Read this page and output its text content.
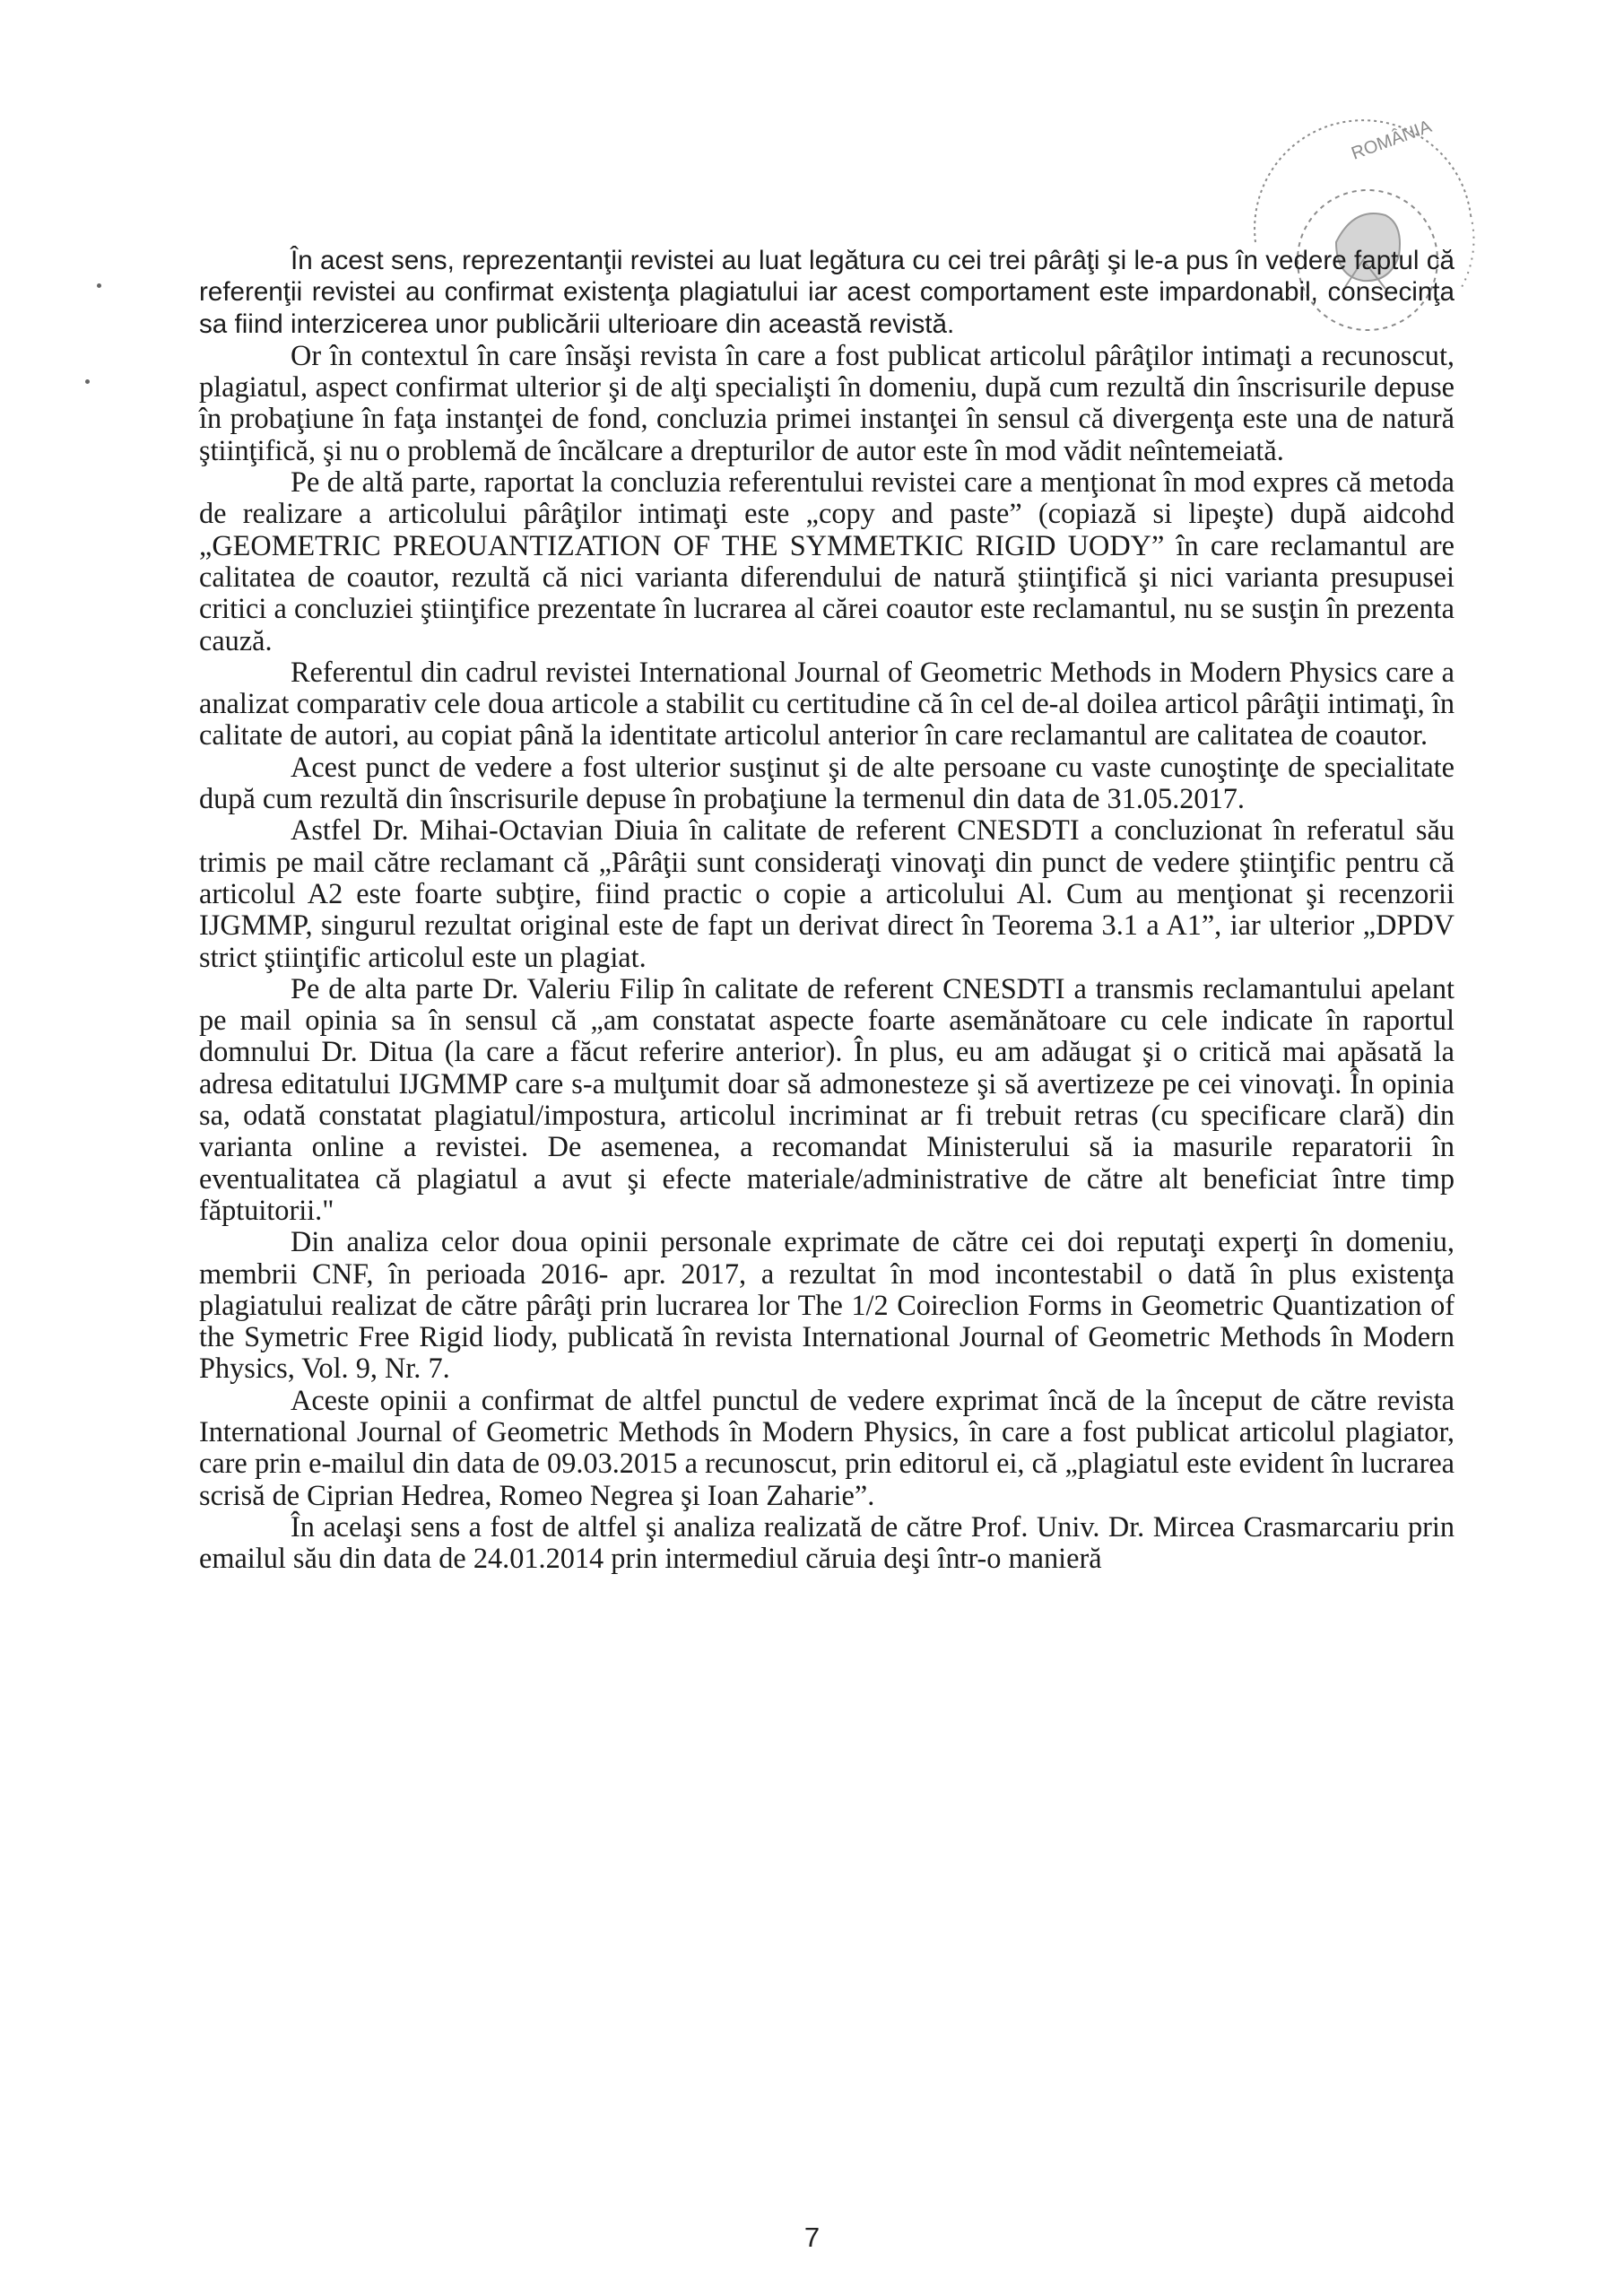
ROMÂNIA

În acest sens, reprezentanţii revistei au luat legătura cu cei trei pârâţi şi le-a pus în vedere faptul că referenţii revistei au confirmat existenţa plagiatului iar acest comportament este impardonabil, consecinţa sa fiind interzicerea unor publicării ulterioare din această revistă.

Or în contextul în care însăşi revista în care a fost publicat articolul pârâţilor intimaţi a recunoscut, plagiatul, aspect confirmat ulterior şi de alţi specialişti în domeniu, după cum rezultă din înscrisurile depuse în probaţiune în faţa instanţei de fond, concluzia primei instanţei în sensul că divergenţa este una de natură ştiinţifică, şi nu o problemă de încălcare a drepturilor de autor este în mod vădit neîntemeiată.

Pe de altă parte, raportat la concluzia referentului revistei care a menţionat în mod expres că metoda de realizare a articolului pârâţilor intimaţi este „copy and paste” (copiază si lipeşte) după aidcohd „GEOMETRIC PREOUANTIZATION OF THE SYMMETKIC RIGID UODY” în care reclamantul are calitatea de coautor, rezultă că nici varianta diferendului de natură ştiinţifică şi nici varianta presupusei critici a concluziei ştiinţifice prezentate în lucrarea al cărei coautor este reclamantul, nu se susţin în prezenta cauză.

Referentul din cadrul revistei International Journal of Geometric Methods in Modern Physics care a analizat comparativ cele doua articole a stabilit cu certitudine că în cel de-al doilea articol pârâţii intimaţi, în calitate de autori, au copiat până la identitate articolul anterior în care reclamantul are calitatea de coautor.

Acest punct de vedere a fost ulterior susţinut şi de alte persoane cu vaste cunoştinţe de specialitate după cum rezultă din înscrisurile depuse în probaţiune la termenul din data de 31.05.2017.

Astfel Dr. Mihai-Octavian Diuia în calitate de referent CNESDTI a concluzionat în referatul său trimis pe mail către reclamant că „Pârâţii sunt consideraţi vinovaţi din punct de vedere ştiinţific pentru că articolul A2 este foarte subţire, fiind practic o copie a articolului Al. Cum au menţionat şi recenzorii IJGMMP, singurul rezultat original este de fapt un derivat direct în Teorema 3.1 a A1”, iar ulterior „DPDV strict ştiinţific articolul este un plagiat.

Pe de alta parte Dr. Valeriu Filip în calitate de referent CNESDTI a transmis reclamantului apelant pe mail opinia sa în sensul că „am constatat aspecte foarte asemănătoare cu cele indicate în raportul domnului Dr. Ditua (la care a făcut referire anterior). În plus, eu am adăugat şi o critică mai apăsată la adresa editatului IJGMMP care s-a mulţumit doar să admonesteze şi să avertizeze pe cei vinovaţi. În opinia sa, odată constatat plagiatul/impostura, articolul incriminat ar fi trebuit retras (cu specificare clară) din varianta online a revistei. De asemenea, a recomandat Ministerului să ia masurile reparatorii în eventualitatea că plagiatul a avut şi efecte materiale/administrative de către alt beneficiat între timp făptuitorii."

Din analiza celor doua opinii personale exprimate de către cei doi reputaţi experţi în domeniu, membrii CNF, în perioada 2016- apr. 2017, a rezultat în mod incontestabil o dată în plus existenţa plagiatului realizat de către pârâţi prin lucrarea lor The 1/2 Coireclion Forms in Geometric Quantization of the Symetric Free Rigid liody, publicată în revista International Journal of Geometric Methods în Modern Physics, Vol. 9, Nr. 7.

Aceste opinii a confirmat de altfel punctul de vedere exprimat încă de la început de către revista International Journal of Geometric Methods în Modern Physics, în care a fost publicat articolul plagiator, care prin e-mailul din data de 09.03.2015 a recunoscut, prin editorul ei, că „plagiatul este evident în lucrarea scrisă de Ciprian Hedrea, Romeo Negrea şi Ioan Zaharie”.

În acelaşi sens a fost de altfel şi analiza realizată de către Prof. Univ. Dr. Mircea Crasmarcariu prin emailul său din data de 24.01.2014 prin intermediul căruia deşi într-o manieră

7
